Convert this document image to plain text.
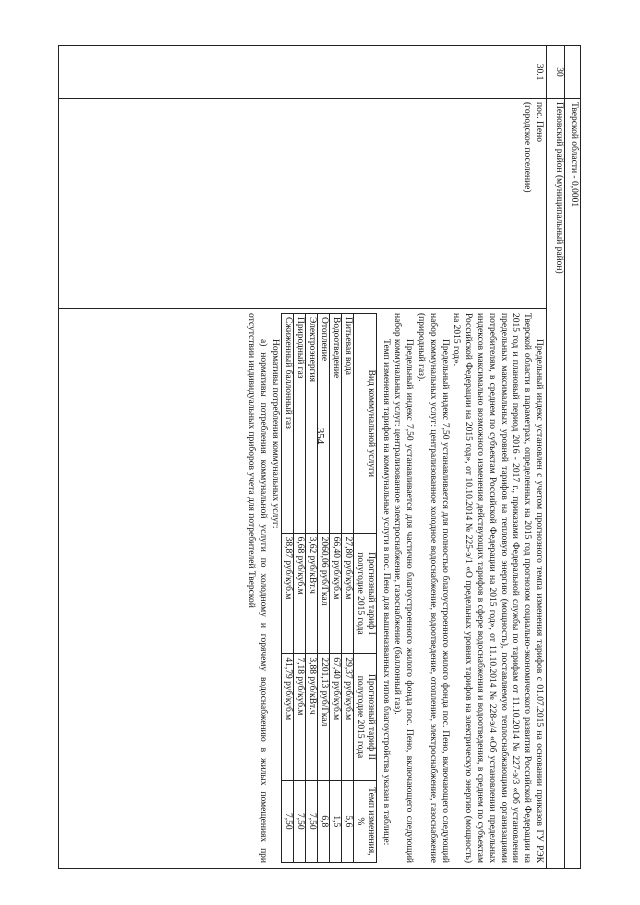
354
Тверской области - 0,0001
30
Пеновский район (муниципальный район)
30.1
пос. Пено
(городское поселение)

Предельный индекс установлен с учетом прогнозного темпа изменения тарифов с 01.07.2015 на основании приказов ГУ РЭК Тверской области в параметрах, определенных на 2015 год прогнозом социально-экономического развития Российской Федерации на 2015 год и плановый период 2016 - 2017 г., приказами Федеральной службы по тарифам от 11.10.2014 № 227-э/3 «Об установлении предельных максимальных уровней тарифов на тепловую энергию (мощность), поставляемую теплоснабжающими организациями потребителям, в среднем по субъектам Российской Федерации на 2015 год», от 11.10.2014 № 228-э/4 «Об установлении предельных индексов максимально возможного изменения действующих тарифов в сфере водоснабжения и водоотведения, в среднем по субъектам Российской Федерации на 2015 год», от 10.10.2014 № 225-э/1 «О предельных уровнях тарифов на электрическую энергию (мощность) на 2015 год».

Предельный индекс 7,50 устанавливается для полностью благоустроенного жилого фонда пос. Пено, включающего следующий набор коммунальных услуг: централизованное холодное водоснабжение, водоотведение, отопление, электроснабжение, газоснабжение (природный газ).

Предельный индекс 7,50 устанавливается для частично благоустроенного жилого фонда пос. Пено, включающего следующий набор коммунальных услуг: централизованное электроснабжение, газоснабжение (баллонный газ).

Темп изменения тарифов на коммунальные услуги в пос. Пено для вышеназванных типов благоустройства указан в таблице:

Вид коммунальной услуги	Прогнозный тариф I полугодие 2015 года	Прогнозный тариф II полугодие 2015 года	Темп изменения, %
Питьевая вода	27,80 руб/куб.м	29,37 руб/куб.м	5,6
Водоотведение	66,40 руб/куб.м	67,40 руб/куб.м	1,5
Отопление	2060,06 руб/Гкал	2201,13 руб/Гкал	6,8
Электроэнергия	3,62 руб/кВт.ч	3,88 руб/кВт.ч	7,50
Природный газ	6,68 руб/куб.м	7,18 руб/куб.м	7,50
Сжиженный баллонный газ	38,87 руб/куб.м	41,79 руб/куб.м	7,50

Нормативы потребления коммунальных услуг:

а) нормативы потребления коммунальной услуги по холодному и горячему водоснабжению в жилых помещениях при отсутствии индивидуальных приборов учета для потребителей Тверской
